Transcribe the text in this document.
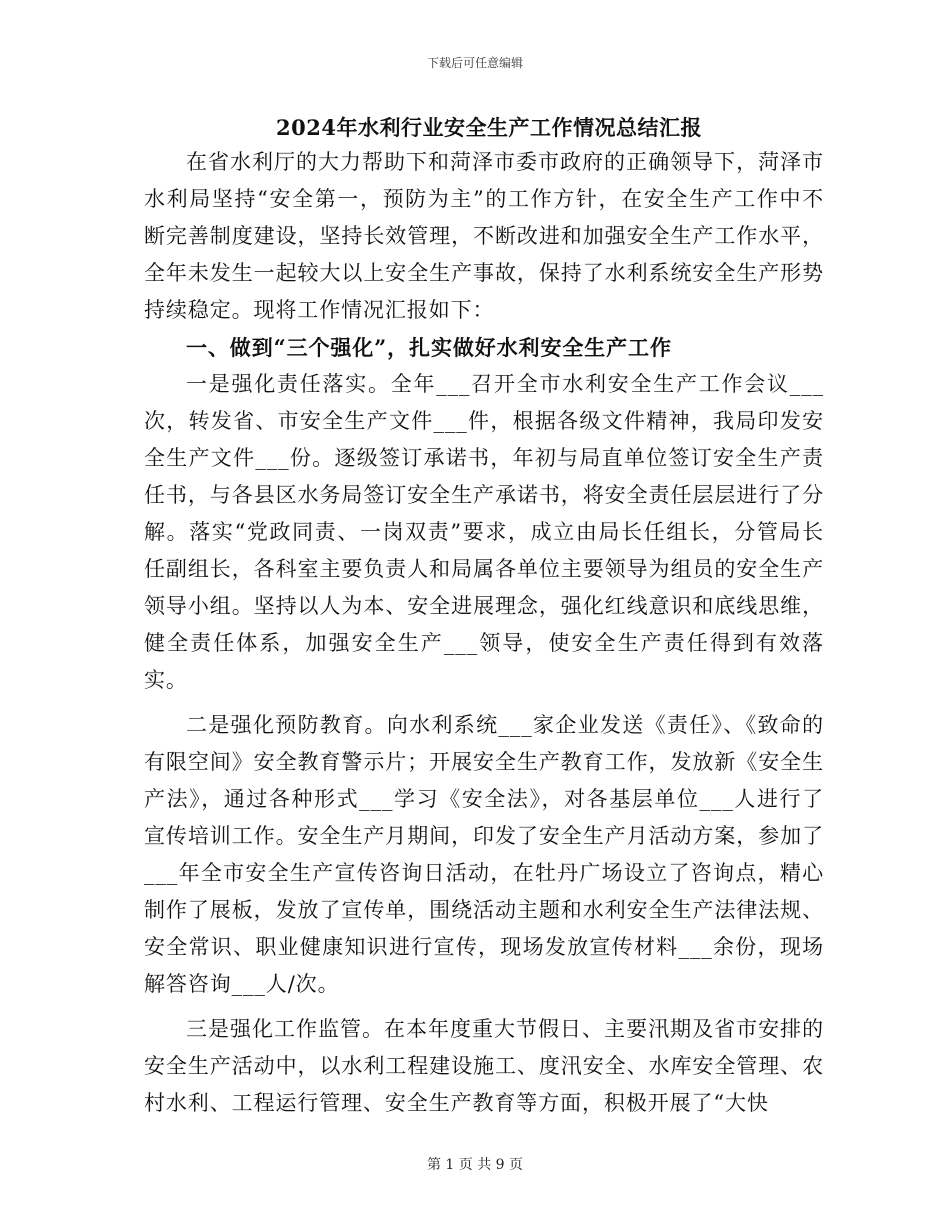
下载后可任意编辑
2024年水利行业安全生产工作情况总结汇报

在省水利厅的大力帮助下和菏泽市委市政府的正确领导下，菏泽市水利局坚持“安全第一，预防为主”的工作方针，在安全生产工作中不断完善制度建设，坚持长效管理，不断改进和加强安全生产工作水平，全年未发生一起较大以上安全生产事故，保持了水利系统安全生产形势持续稳定。现将工作情况汇报如下：

一、做到“三个强化”，扎实做好水利安全生产工作

一是强化责任落实。全年___召开全市水利安全生产工作会议___次，转发省、市安全生产文件___件，根据各级文件精神，我局印发安全生产文件___份。逐级签订承诺书，年初与局直单位签订安全生产责任书，与各县区水务局签订安全生产承诺书，将安全责任层层进行了分解。落实“党政同责、一岗双责”要求，成立由局长任组长，分管局长任副组长，各科室主要负责人和局属各单位主要领导为组员的安全生产领导小组。坚持以人为本、安全进展理念，强化红线意识和底线思维，健全责任体系，加强安全生产___领导，使安全生产责任得到有效落实。

二是强化预防教育。向水利系统___家企业发送《责任》、《致命的有限空间》安全教育警示片；开展安全生产教育工作，发放新《安全生产法》，通过各种形式___学习《安全法》，对各基层单位___人进行了宣传培训工作。安全生产月期间，印发了安全生产月活动方案，参加了___年全市安全生产宣传咨询日活动，在牡丹广场设立了咨询点，精心制作了展板，发放了宣传单，围绕活动主题和水利安全生产法律法规、安全常识、职业健康知识进行宣传，现场发放宣传材料___余份，现场解答咨询___人/次。

三是强化工作监管。在本年度重大节假日、主要汛期及省市安排的安全生产活动中，以水利工程建设施工、度汛安全、水库安全管理、农村水利、工程运行管理、安全生产教育等方面，积极开展了“大快

第 1 页 共 9 页
